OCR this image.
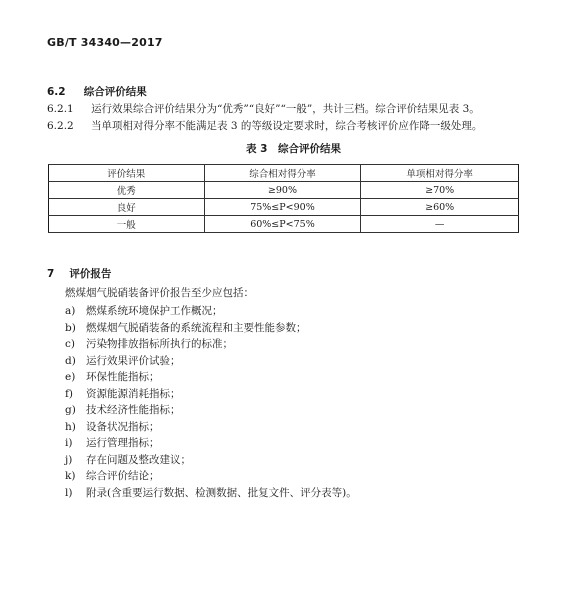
GB/T 34340—2017
6.2 综合评价结果
6.2.1 运行效果综合评价结果分为“优秀”“良好”“一般”，共计三档。综合评价结果见表 3。
6.2.2 当单项相对得分率不能满足表 3 的等级设定要求时，综合考核评价应作降一级处理。
表 3　综合评价结果
评价结果	综合相对得分率	单项相对得分率
优秀	≥90%	≥70%
良好	75%≤P<90%	≥60%
一般	60%≤P<75%	—
7 评价报告
燃煤烟气脱硝装备评价报告至少应包括：
a)	燃煤系统环境保护工作概况；
b) 燃煤烟气脱硝装备的系统流程和主要性能参数；
c)	污染物排放指标所执行的标准；
d) 运行效果评价试验；
e)	环保性能指标；
f)	资源能源消耗指标；
g) 技术经济性能指标；
h) 设备状况指标；
i)	运行管理指标；
j)	存在问题及整改建议；
k)	综合评价结论；
l)	附录(含重要运行数据、检测数据、批复文件、评分表等)。
